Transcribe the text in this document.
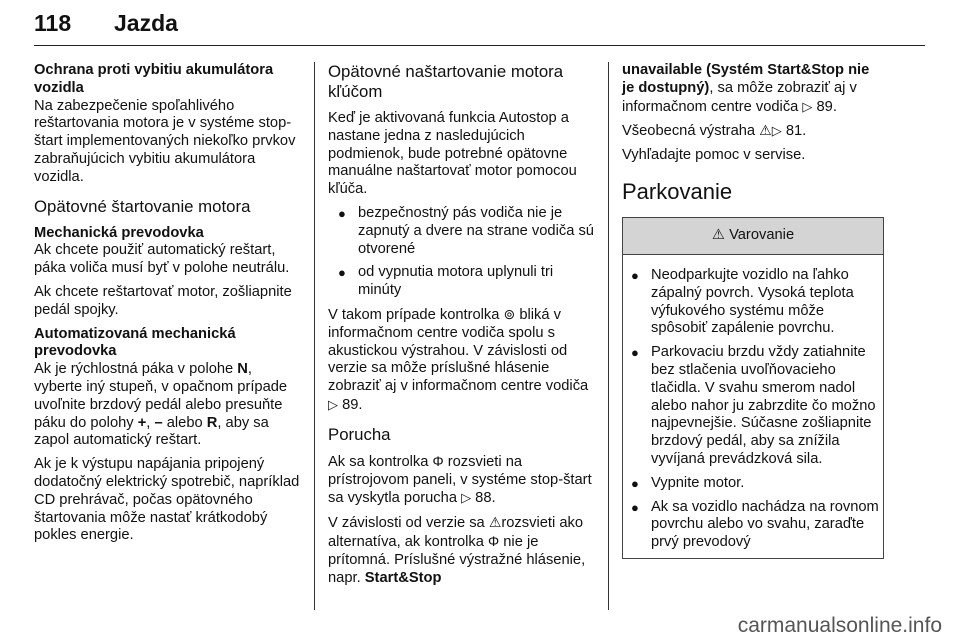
118 Jazda
Ochrana proti vybitiu akumulátora vozidla

Na zabezpečenie spoľahlivého reštartovania motora je v systéme stop-štart implementovaných niekoľko prvkov zabraňujúcich vybitiu akumulátora vozidla.

Opätovné štartovanie motora
Mechanická prevodovka

Ak chcete použiť automatický reštart, páka voliča musí byť v polohe neutrálu.

Ak chcete reštartovať motor, zošliapnite pedál spojky.

Automatizovaná mechanická prevodovka

Ak je rýchlostná páka v polohe N, vyberte iný stupeň, v opačnom prípade uvoľnite brzdový pedál alebo presuňte páku do polohy +, – alebo R, aby sa zapol automatický reštart.

Ak je k výstupu napájania pripojený dodatočný elektrický spotrebič, napríklad CD prehrávač, počas opätovného štartovania môže nastať krátkodobý pokles energie.

Opätovné naštartovanie motora kľúčom

Keď je aktivovaná funkcia Autostop a nastane jedna z nasledujúcich podmienok, bude potrebné opätovne manuálne naštartovať motor pomocou kľúča.

● bezpečnostný pás vodiča nie je zapnutý a dvere na strane vodiča sú otvorené
● od vypnutia motora uplynuli tri minúty

V takom prípade kontrolka ⊚ bliká v informačnom centre vodiča spolu s akustickou výstrahou. V závislosti od verzie sa môže príslušné hlásenie zobraziť aj v informačnom centre vodiča ▷ 89.

Porucha

Ak sa kontrolka Φ rozsvieti na prístrojovom paneli, v systéme stop-štart sa vyskytla porucha ▷ 88.

V závislosti od verzie sa ⚠rozsvieti ako alternatíva, ak kontrolka Φ nie je prítomná. Príslušné výstražné hlásenie, napr. Start&Stop

unavailable (Systém Start&Stop nie je dostupný), sa môže zobraziť aj v informačnom centre vodiča ▷ 89.

Všeobecná výstraha ⚠▷ 81.

Vyhľadajte pomoc v servise.

Parkovanie
⚠ Varovanie
● Neodparkujte vozidlo na ľahko zápalný povrch. Vysoká teplota výfukového systému môže spôsobiť zapálenie povrchu.
● Parkovaciu brzdu vždy zatiahnite bez stlačenia uvoľňovacieho tlačidla. V svahu smerom nadol alebo nahor ju zabrzdite čo možno najpevnejšie. Súčasne zošliapnite brzdový pedál, aby sa znížila vyvíjaná prevádzková sila.
● Vypnite motor.
● Ak sa vozidlo nachádza na rovnom povrchu alebo vo svahu, zaraďte prvý prevodový
carmanualsonline.info
